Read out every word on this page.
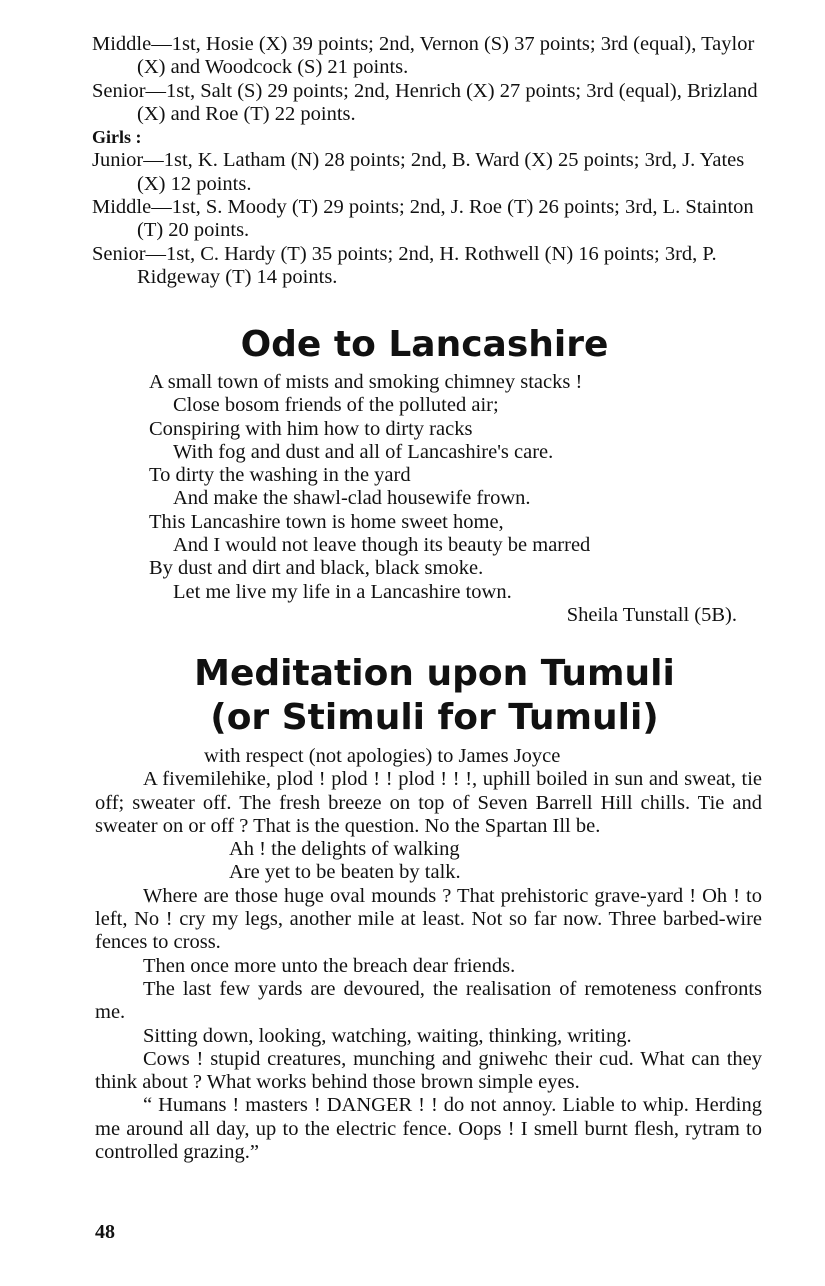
Middle—1st, Hosie (X) 39 points; 2nd, Vernon (S) 37 points; 3rd (equal), Taylor (X) and Woodcock (S) 21 points.
Senior—1st, Salt (S) 29 points; 2nd, Henrich (X) 27 points; 3rd (equal), Brizland (X) and Roe (T) 22 points.
Girls :
Junior—1st, K. Latham (N) 28 points; 2nd, B. Ward (X) 25 points; 3rd, J. Yates (X) 12 points.
Middle—1st, S. Moody (T) 29 points; 2nd, J. Roe (T) 26 points; 3rd, L. Stainton (T) 20 points.
Senior—1st, C. Hardy (T) 35 points; 2nd, H. Rothwell (N) 16 points; 3rd, P. Ridgeway (T) 14 points.
Ode to Lancashire
A small town of mists and smoking chimney stacks !
Close bosom friends of the polluted air;
Conspiring with him how to dirty racks
With fog and dust and all of Lancashire's care.
To dirty the washing in the yard
And make the shawl-clad housewife frown.
This Lancashire town is home sweet home,
And I would not leave though its beauty be marred
By dust and dirt and black, black smoke.
Let me live my life in a Lancashire town.
Sheila Tunstall (5B).
Meditation upon Tumuli
(or Stimuli for Tumuli)
with respect (not apologies) to James Joyce
A fivemilehike, plod ! plod ! ! plod ! ! !, uphill boiled in sun and sweat, tie off; sweater off. The fresh breeze on top of Seven Barrell Hill chills. Tie and sweater on or off ? That is the question. No the Spartan Ill be.
Ah ! the delights of walking
Are yet to be beaten by talk.
Where are those huge oval mounds ? That prehistoric grave-yard ! Oh ! to left, No ! cry my legs, another mile at least. Not so far now. Three barbed-wire fences to cross.
Then once more unto the breach dear friends.
The last few yards are devoured, the realisation of remoteness confronts me.
Sitting down, looking, watching, waiting, thinking, writing.
Cows ! stupid creatures, munching and gniwehc their cud. What can they think about ? What works behind those brown simple eyes.
“ Humans ! masters ! DANGER ! ! do not annoy. Liable to whip. Herding me around all day, up to the electric fence. Oops ! I smell burnt flesh, rytram to controlled grazing.”
48
